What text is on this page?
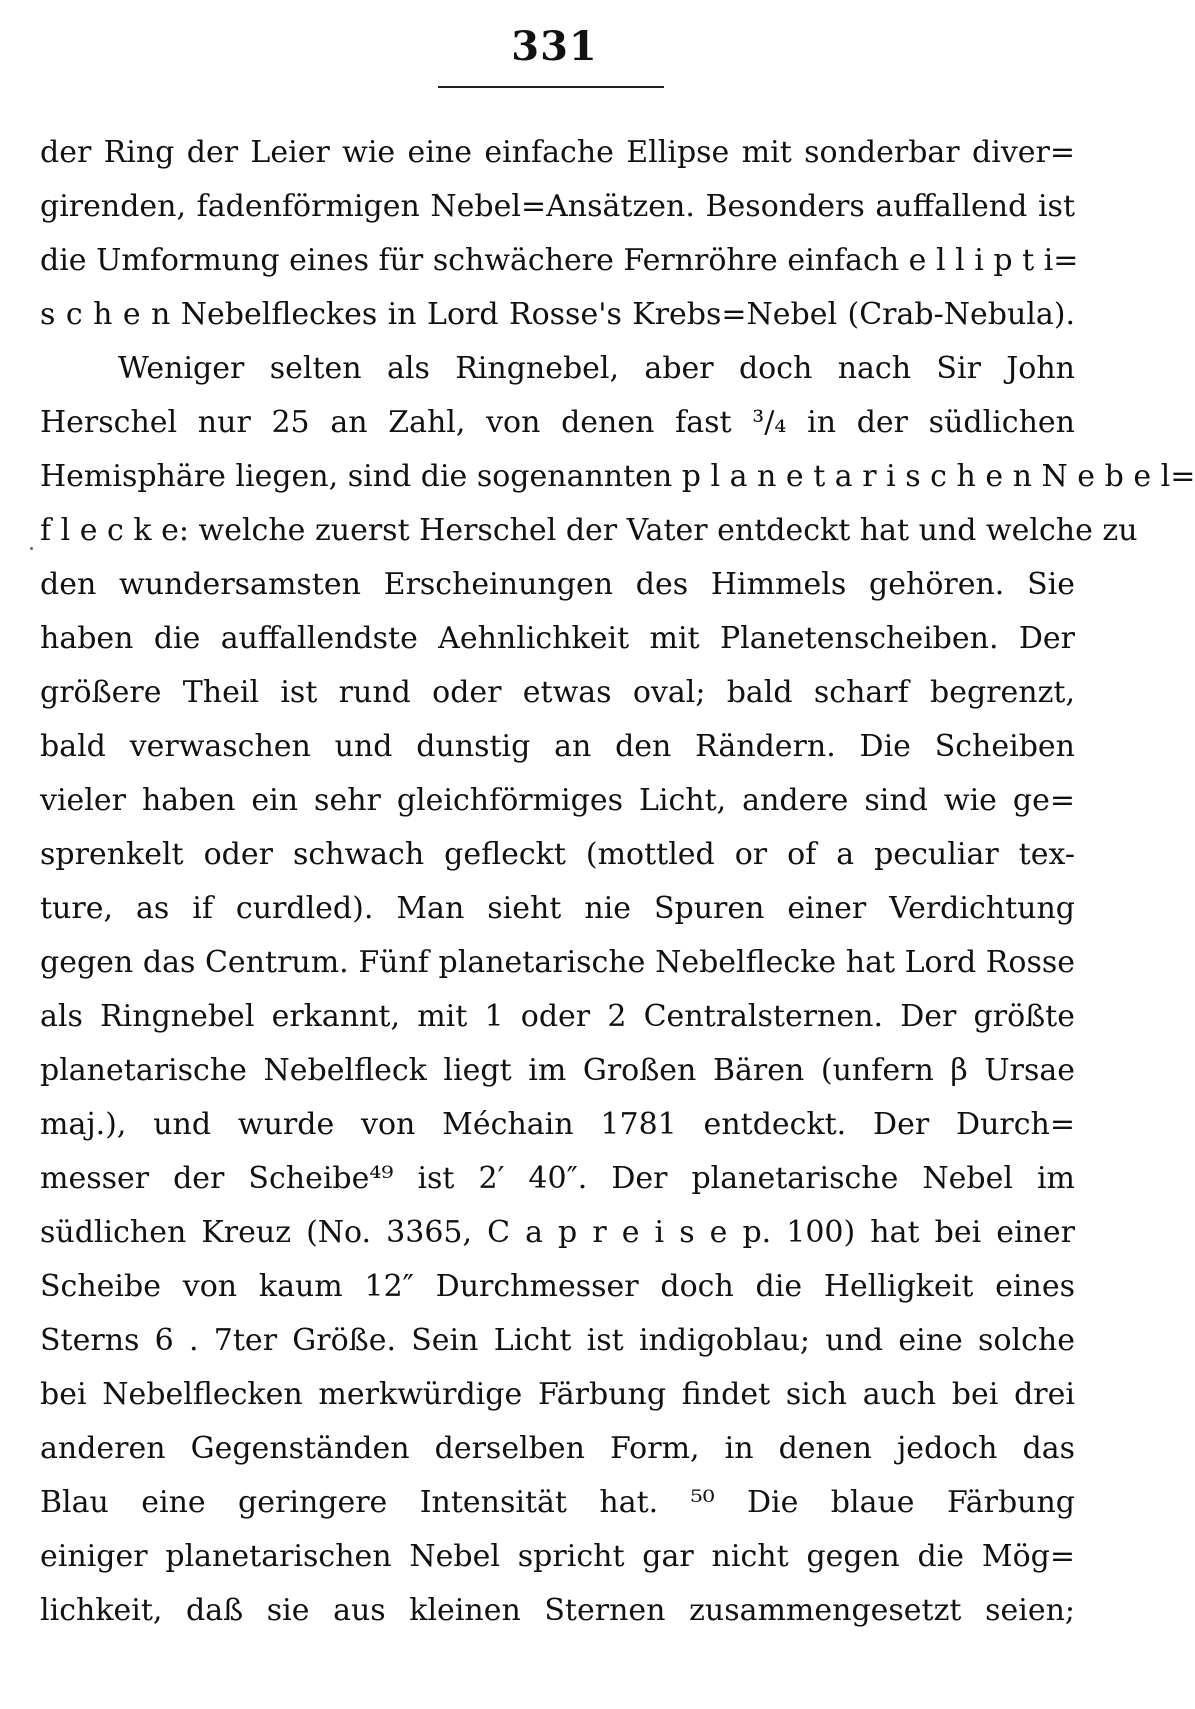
331
der Ring der Leier wie eine einfache Ellipse mit sonderbar diver=
girenden, fadenförmigen Nebel=Ansätzen. Besonders auffallend ist
die Umformung eines für schwächere Fernröhre einfach e l l i p t i=
s c h e n Nebelfleckes in Lord Rosse's Krebs=Nebel (Crab-Nebula).
Weniger selten als Ringnebel, aber doch nach Sir John
Herschel nur 25 an Zahl, von denen fast ³/₄ in der südlichen
Hemisphäre liegen, sind die sogenannten p l a n e t a r i s c h e n N e b e l=
f l e c k e: welche zuerst Herschel der Vater entdeckt hat und welche zu
den wundersamsten Erscheinungen des Himmels gehören. Sie
haben die auffallendste Aehnlichkeit mit Planetenscheiben. Der
größere Theil ist rund oder etwas oval; bald scharf begrenzt,
bald verwaschen und dunstig an den Rändern. Die Scheiben
vieler haben ein sehr gleichförmiges Licht, andere sind wie ge=
sprenkelt oder schwach gefleckt (mottled or of a peculiar tex-
ture, as if curdled). Man sieht nie Spuren einer Verdichtung
gegen das Centrum. Fünf planetarische Nebelflecke hat Lord Rosse
als Ringnebel erkannt, mit 1 oder 2 Centralsternen. Der größte
planetarische Nebelfleck liegt im Großen Bären (unfern β Ursae
maj.), und wurde von Méchain 1781 entdeckt. Der Durch=
messer der Scheibe⁴⁹ ist 2′ 40″. Der planetarische Nebel im
südlichen Kreuz (No. 3365, C a p r e i s e p. 100) hat bei einer
Scheibe von kaum 12″ Durchmesser doch die Helligkeit eines
Sterns 6 . 7ter Größe. Sein Licht ist indigoblau; und eine solche
bei Nebelflecken merkwürdige Färbung findet sich auch bei drei
anderen Gegenständen derselben Form, in denen jedoch das
Blau eine geringere Intensität hat. ⁵⁰ Die blaue Färbung
einiger planetarischen Nebel spricht gar nicht gegen die Mög=
lichkeit, daß sie aus kleinen Sternen zusammengesetzt seien;
